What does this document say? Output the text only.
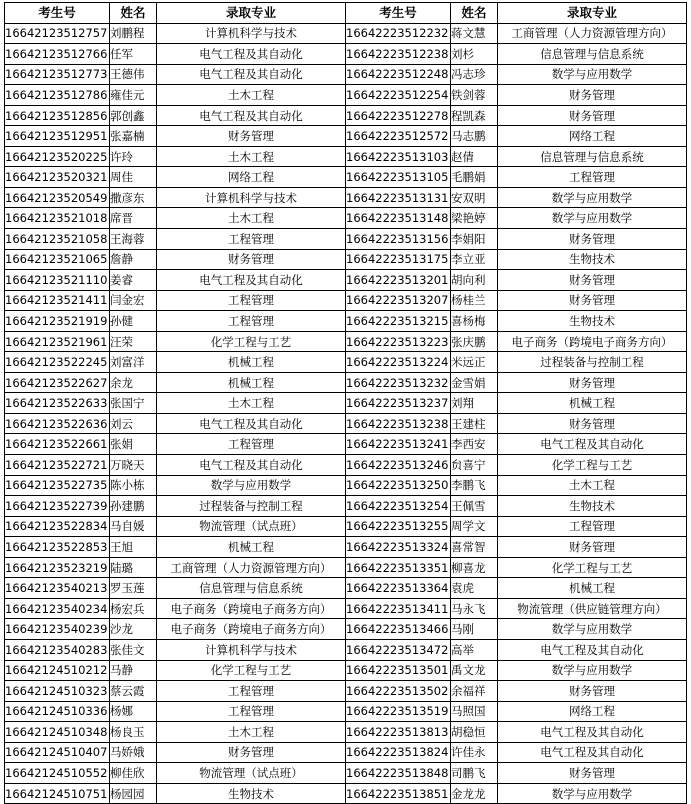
考生号	姓名	录取专业	考生号	姓名	录取专业
16642123512757	刘鹏程	计算机科学与技术	16642223512232	蒋文慧	工商管理（人力资源管理方向）
16642123512766	任军	电气工程及其自动化	16642223512238	刘杉	信息管理与信息系统
16642123512773	王德伟	电气工程及其自动化	16642223512248	冯志珍	数学与应用数学
16642123512786	雍佳元	土木工程	16642223512254	铁剑蓉	财务管理
16642123512856	郭创鑫	电气工程及其自动化	16642223512278	程凯森	财务管理
16642123512951	张嘉楠	财务管理	16642223512572	马志鹏	网络工程
16642123520225	许玲	土木工程	16642223513103	赵倩	信息管理与信息系统
16642123520321	周佳	网络工程	16642223513105	毛鹏娟	工程管理
16642123520549	撒彦东	计算机科学与技术	16642223513131	安双明	数学与应用数学
16642123521018	席晋	土木工程	16642223513148	梁艳婷	数学与应用数学
16642123521058	王海蓉	工程管理	16642223513156	李娟阳	财务管理
16642123521065	詹静	财务管理	16642223513175	李立亚	生物技术
16642123521110	姜睿	电气工程及其自动化	16642223513201	胡向利	财务管理
16642123521411	闫金宏	工程管理	16642223513207	杨桂兰	财务管理
16642123521919	孙健	工程管理	16642223513215	喜杨梅	生物技术
16642123521961	汪荣	化学工程与工艺	16642223513223	张庆鹏	电子商务（跨境电子商务方向）
16642123522245	刘富洋	机械工程	16642223513224	米远正	过程装备与控制工程
16642123522627	余龙	机械工程	16642223513232	金雪娟	财务管理
16642123522633	张国宁	土木工程	16642223513237	刘翔	机械工程
16642123522636	刘云	电气工程及其自动化	16642223513238	王建柱	财务管理
16642123522661	张娟	工程管理	16642223513241	李西安	电气工程及其自动化
16642123522721	万晓天	电气工程及其自动化	16642223513246	贠喜宁	化学工程与工艺
16642123522735	陈小栋	数学与应用数学	16642223513250	李鹏飞	土木工程
16642123522739	孙建鹏	过程装备与控制工程	16642223513254	王佩雪	生物技术
16642123522834	马自媛	物流管理（试点班）	16642223513255	周学文	工程管理
16642123522853	王旭	机械工程	16642223513324	喜常智	财务管理
16642123523219	陆璐	工商管理（人力资源管理方向）	16642223513351	柳喜龙	化学工程与工艺
16642123540213	罗玉莲	信息管理与信息系统	16642223513364	袁虎	机械工程
16642123540234	杨宏兵	电子商务（跨境电子商务方向）	16642223513411	马永飞	物流管理（供应链管理方向）
16642123540239	沙龙	电子商务（跨境电子商务方向）	16642223513466	马刚	数学与应用数学
16642123540283	张佳文	计算机科学与技术	16642223513472	高举	电气工程及其自动化
16642124510212	马静	化学工程与工艺	16642223513501	禹文龙	数学与应用数学
16642124510323	蔡云霞	工程管理	16642223513502	余福祥	财务管理
16642124510336	杨娜	工程管理	16642223513519	马照国	网络工程
16642124510348	杨良玉	土木工程	16642223513813	胡稳恒	电气工程及其自动化
16642124510407	马娇娥	财务管理	16642223513824	许佳永	电气工程及其自动化
16642124510552	柳佳欣	物流管理（试点班）	16642223513848	司鹏飞	财务管理
16642124510751	杨园园	生物技术	16642223513851	金龙龙	数学与应用数学
